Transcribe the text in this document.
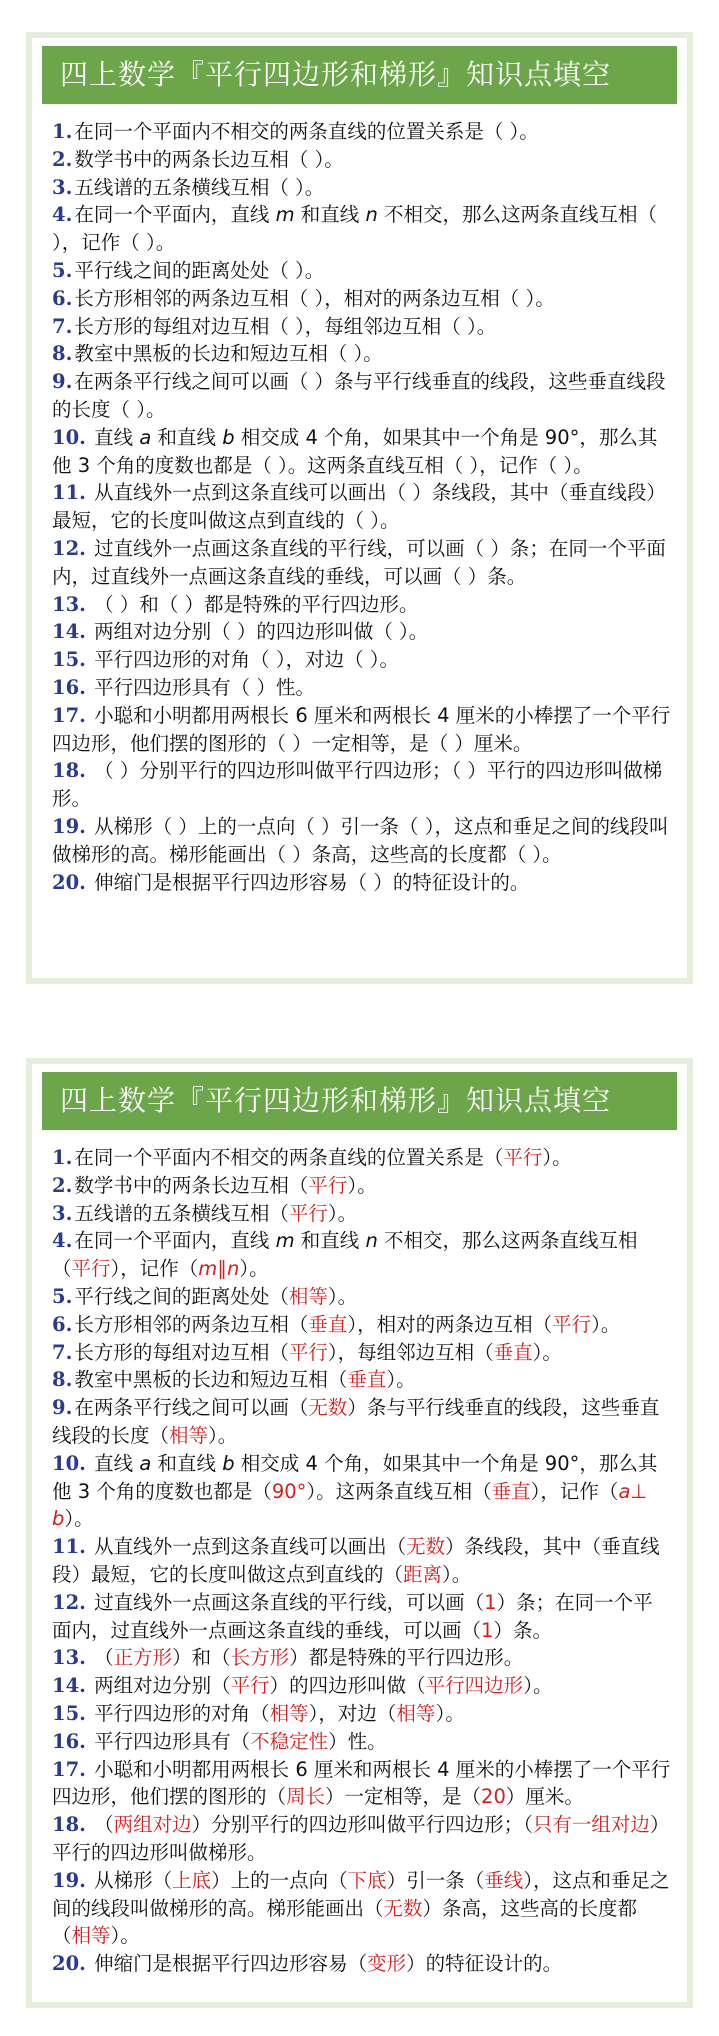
四上数学『平行四边形和梯形』知识点填空

1. 在同一个平面内不相交的两条直线的位置关系是（ ）。

2. 数学书中的两条长边互相（ ）。

3. 五线谱的五条横线互相（ ）。

4. 在同一个平面内，直线 m 和直线 n 不相交，那么这两条直线互相（ ），记作（ ）。

5. 平行线之间的距离处处（ ）。

6. 长方形相邻的两条边互相（ ），相对的两条边互相（ ）。

7. 长方形的每组对边互相（ ），每组邻边互相（ ）。

8. 教室中黑板的长边和短边互相（ ）。

9. 在两条平行线之间可以画（ ）条与平行线垂直的线段，这些垂直线段的长度（ ）。

10. 直线 a 和直线 b 相交成 4 个角，如果其中一个角是 90°，那么其他 3 个角的度数也都是（ ）。这两条直线互相（ ），记作（ ）。

11. 从直线外一点到这条直线可以画出（ ）条线段，其中（垂直线段）最短，它的长度叫做这点到直线的（ ）。

12. 过直线外一点画这条直线的平行线，可以画（ ）条；在同一个平面内，过直线外一点画这条直线的垂线，可以画（ ）条。

13. （ ）和（ ）都是特殊的平行四边形。

14. 两组对边分别（ ）的四边形叫做（ ）。

15. 平行四边形的对角（ ），对边（ ）。

16. 平行四边形具有（ ）性。

17. 小聪和小明都用两根长 6 厘米和两根长 4 厘米的小棒摆了一个平行四边形，他们摆的图形的（ ）一定相等，是（ ）厘米。

18. （ ）分别平行的四边形叫做平行四边形；（ ）平行的四边形叫做梯形。

19. 从梯形（ ）上的一点向（ ）引一条（ ），这点和垂足之间的线段叫做梯形的高。梯形能画出（ ）条高，这些高的长度都（ ）。

20. 伸缩门是根据平行四边形容易（ ）的特征设计的。

四上数学『平行四边形和梯形』知识点填空

1. 在同一个平面内不相交的两条直线的位置关系是（平行）。

2. 数学书中的两条长边互相（平行）。

3. 五线谱的五条横线互相（平行）。

4. 在同一个平面内，直线 m 和直线 n 不相交，那么这两条直线互相（平行），记作（m∥n）。

5. 平行线之间的距离处处（相等）。

6. 长方形相邻的两条边互相（垂直），相对的两条边互相（平行）。

7. 长方形的每组对边互相（平行），每组邻边互相（垂直）。

8. 教室中黑板的长边和短边互相（垂直）。

9. 在两条平行线之间可以画（无数）条与平行线垂直的线段，这些垂直线段的长度（相等）。

10. 直线 a 和直线 b 相交成 4 个角，如果其中一个角是 90°，那么其他 3 个角的度数也都是（90°）。这两条直线互相（垂直），记作（a⊥b）。

11. 从直线外一点到这条直线可以画出（无数）条线段，其中（垂直线段）最短，它的长度叫做这点到直线的（距离）。

12. 过直线外一点画这条直线的平行线，可以画（1）条；在同一个平面内，过直线外一点画这条直线的垂线，可以画（1）条。

13. （正方形）和（长方形）都是特殊的平行四边形。

14. 两组对边分别（平行）的四边形叫做（平行四边形）。

15. 平行四边形的对角（相等），对边（相等）。

16. 平行四边形具有（不稳定性）性。

17. 小聪和小明都用两根长 6 厘米和两根长 4 厘米的小棒摆了一个平行四边形，他们摆的图形的（周长）一定相等，是（20）厘米。

18. （两组对边）分别平行的四边形叫做平行四边形；（只有一组对边）平行的四边形叫做梯形。

19. 从梯形（上底）上的一点向（下底）引一条（垂线），这点和垂足之间的线段叫做梯形的高。梯形能画出（无数）条高，这些高的长度都（相等）。

20. 伸缩门是根据平行四边形容易（变形）的特征设计的。
